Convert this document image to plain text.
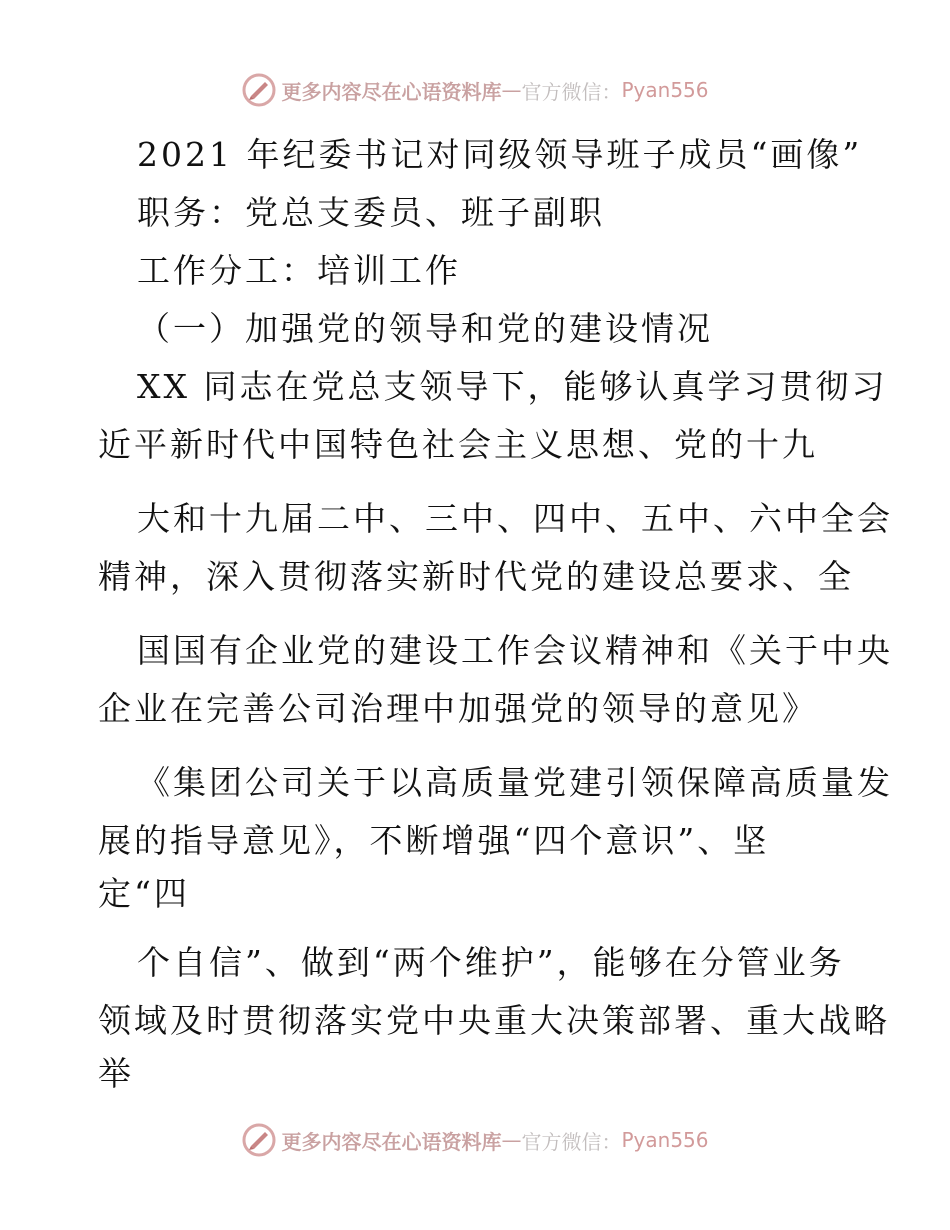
更多内容尽在心语资料库 — 官方微信： Pyan556
2021 年纪委书记对同级领导班子成员“画像”
职务：党总支委员、班子副职
工作分工：培训工作
（一）加强党的领导和党的建设情况
XX 同志在党总支领导下，能够认真学习贯彻习
近平新时代中国特色社会主义思想、党的十九
大和十九届二中、三中、四中、五中、六中全会
精神，深入贯彻落实新时代党的建设总要求、全
国国有企业党的建设工作会议精神和《关于中央
企业在完善公司治理中加强党的领导的意见》
《集团公司关于以高质量党建引领保障高质量发
展的指导意见》，不断增强“四个意识”、坚
定“四
个自信”、做到“两个维护”，能够在分管业务
领域及时贯彻落实党中央重大决策部署、重大战略
举
更多内容尽在心语资料库 — 官方微信： Pyan556
